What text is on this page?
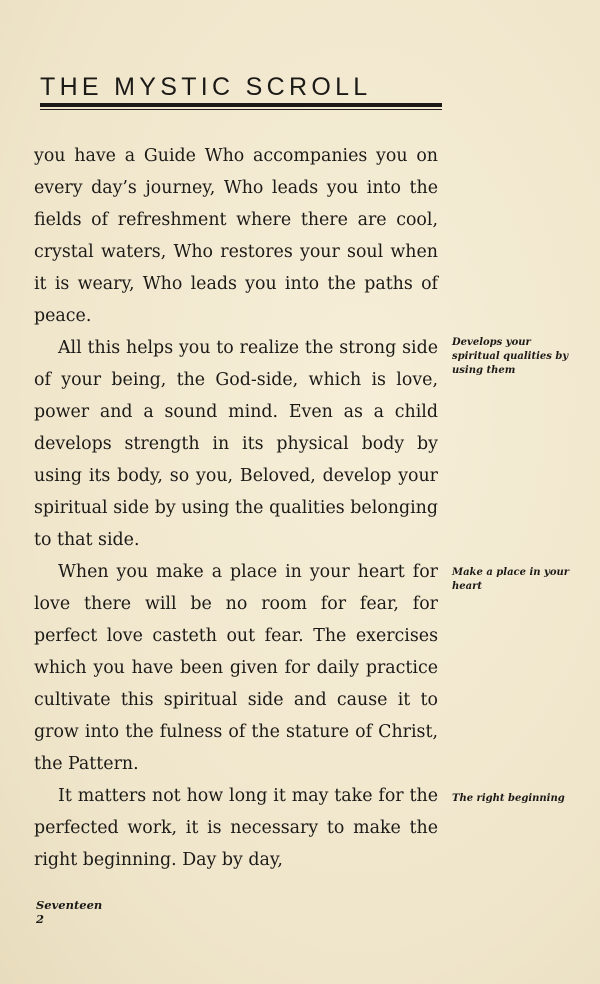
THE MYSTIC SCROLL

you have a Guide Who accompanies you on every day’s journey, Who leads you into the fields of refreshment where there are cool, crystal waters, Who restores your soul when it is weary, Who leads you into the paths of peace.

All this helps you to realize the strong side of your being, the God-side, which is love, power and a sound mind. Even as a child develops strength in its physical body by using its body, so you, Beloved, develop your spiritual side by using the qualities belonging to that side.

When you make a place in your heart for love there will be no room for fear, for perfect love casteth out fear. The exercises which you have been given for daily practice cultivate this spiritual side and cause it to grow into the fulness of the stature of Christ, the Pattern.

It matters not how long it may take for the perfected work, it is necessary to make the right beginning. Day by day,

Develops your spiritual qualities by using them
Make a place in your heart
The right beginning
Seventeen
2
